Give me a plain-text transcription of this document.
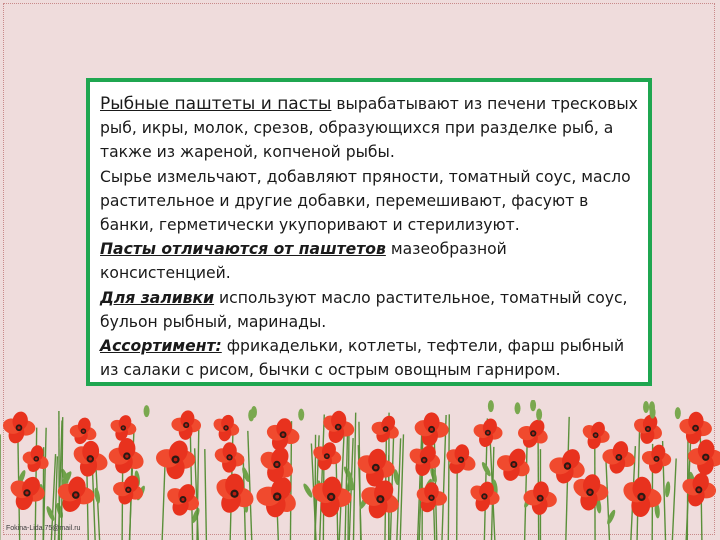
Рыбные паштеты и пасты вырабатывают из печени тресковых рыб, икры, молок, срезов, образующихся при разделке рыб, а также из жареной, копченой рыбы.

Сырье измельчают, добавляют пряности, томатный соус, масло растительное и другие добавки, перемешивают, фасуют в банки, герметически укупоривают и стерилизуют.

Пасты отличаются от паштетов мазеобразной консистенцией.

Для заливки используют масло растительное, томатный соус, бульон рыбный, маринады.

Ассортимент: фрикадельки, котлеты, тефтели, фарш рыбный из салаки с рисом, бычки с острым овощным гарниром.

Fokina-Lida.75@mail.ru
